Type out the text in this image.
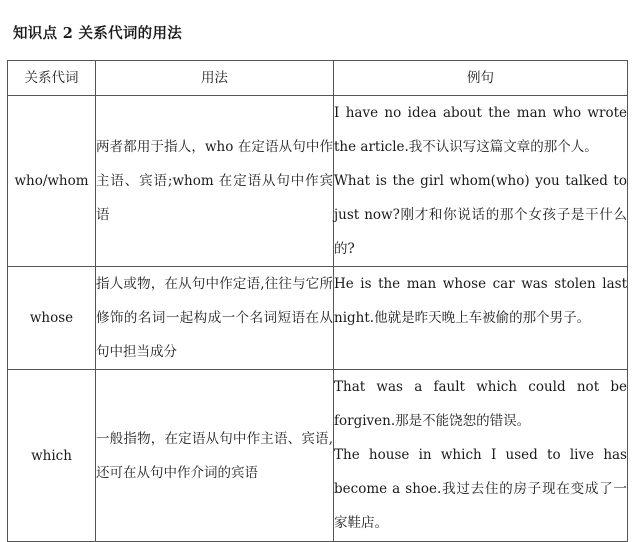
知识点 2 关系代词的用法
关系代词	用法	例句
who/whom	两者都用于指人，who 在定语从句中作主语、宾语;whom 在定语从句中作宾语	I have no idea about the man who wrote the article.我不认识写这篇文章的那个人。
What is the girl whom(who) you talked to just now?刚才和你说话的那个女孩子是干什么的?

whose	指人或物，在从句中作定语,往往与它所修饰的名词一起构成一个名词短语在从句中担当成分	He is the man whose car was stolen last night.他就是昨天晚上车被偷的那个男子。

which	一般指物，在定语从句中作主语、宾语,还可在从句中作介词的宾语	That was a fault which could not be forgiven.那是不能饶恕的错误。
The house in which I used to live has become a shoe.我过去住的房子现在变成了一家鞋店。
